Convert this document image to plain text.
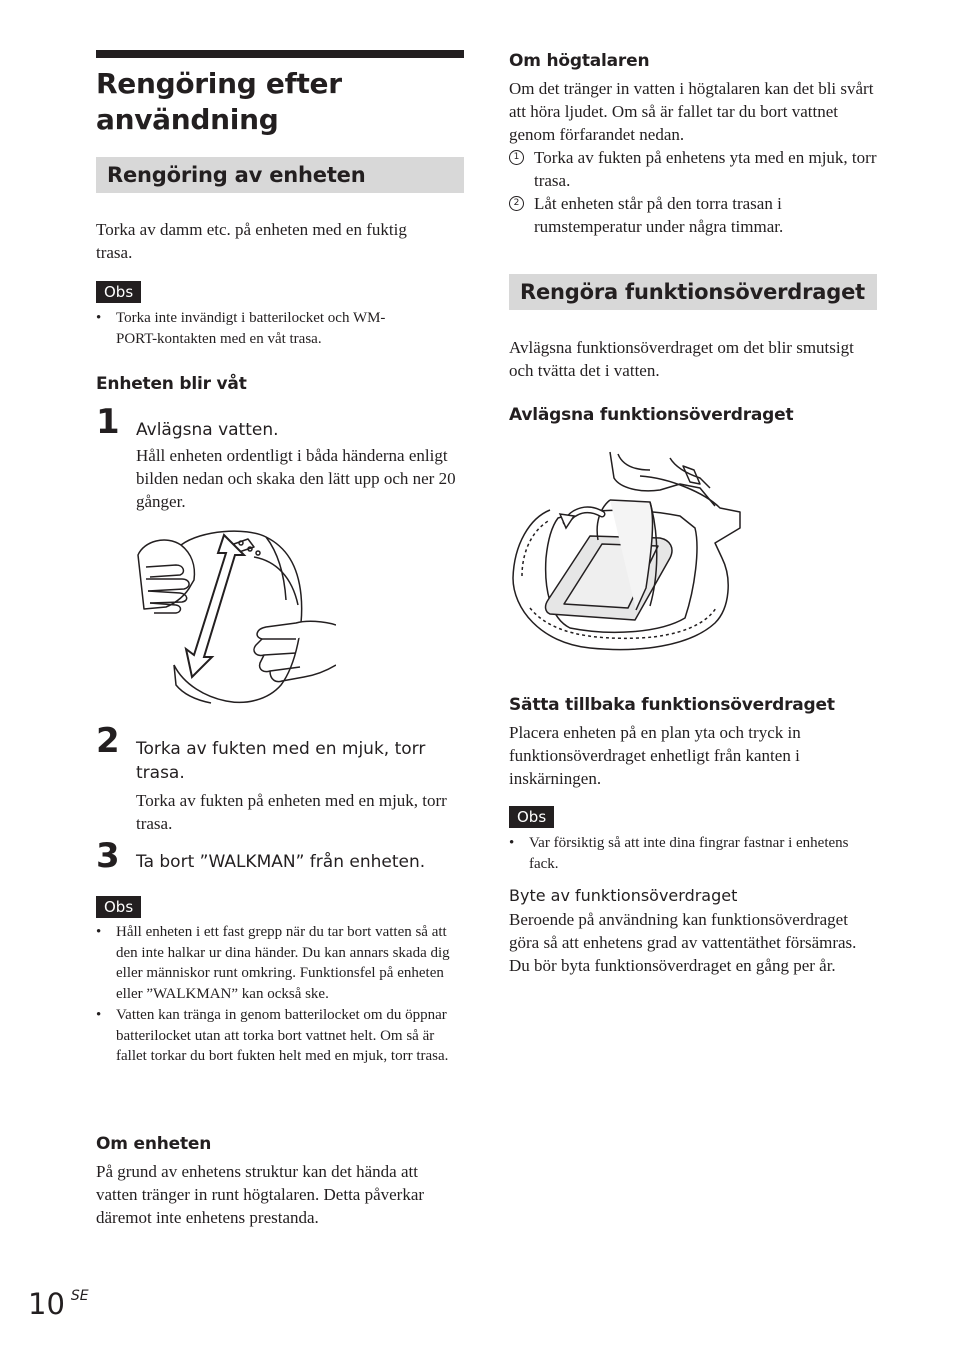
Rengöring efter användning
Rengöring av enheten
Torka av damm etc. på enheten med en fuktig trasa.
Obs
• Torka inte invändigt i batterilocket och WM-PORT-kontakten med en våt trasa.
Enheten blir våt
1 Avlägsna vatten.
Håll enheten ordentligt i båda händerna enligt bilden nedan och skaka den lätt upp och ner 20 gånger.
2 Torka av fukten med en mjuk, torr trasa.
Torka av fukten på enheten med en mjuk, torr trasa.
3 Ta bort ”WALKMAN” från enheten.
Obs
• Håll enheten i ett fast grepp när du tar bort vatten så att den inte halkar ur dina händer. Du kan annars skada dig eller människor runt omkring. Funktionsfel på enheten eller ”WALKMAN” kan också ske.
• Vatten kan tränga in genom batterilocket om du öppnar batterilocket utan att torka bort vattnet helt. Om så är fallet torkar du bort fukten helt med en mjuk, torr trasa.
Om enheten
På grund av enhetens struktur kan det hända att vatten tränger in runt högtalaren. Detta påverkar däremot inte enhetens prestanda.
Om högtalaren
Om det tränger in vatten i högtalaren kan det bli svårt att höra ljudet. Om så är fallet tar du bort vattnet genom förfarandet nedan.
1 Torka av fukten på enhetens yta med en mjuk, torr trasa.
2 Låt enheten står på den torra trasan i rumstemperatur under några timmar.
Rengöra funktionsöverdraget
Avlägsna funktionsöverdraget om det blir smutsigt och tvätta det i vatten.
Avlägsna funktionsöverdraget
Sätta tillbaka funktionsöverdraget
Placera enheten på en plan yta och tryck in funktionsöverdraget enhetligt från kanten i inskärningen.
Obs
• Var försiktig så att inte dina fingrar fastnar i enhetens fack.
Byte av funktionsöverdraget
Beroende på användning kan funktionsöverdraget göra så att enhetens grad av vattentäthet försämras. Du bör byta funktionsöverdraget en gång per år.
10 SE
